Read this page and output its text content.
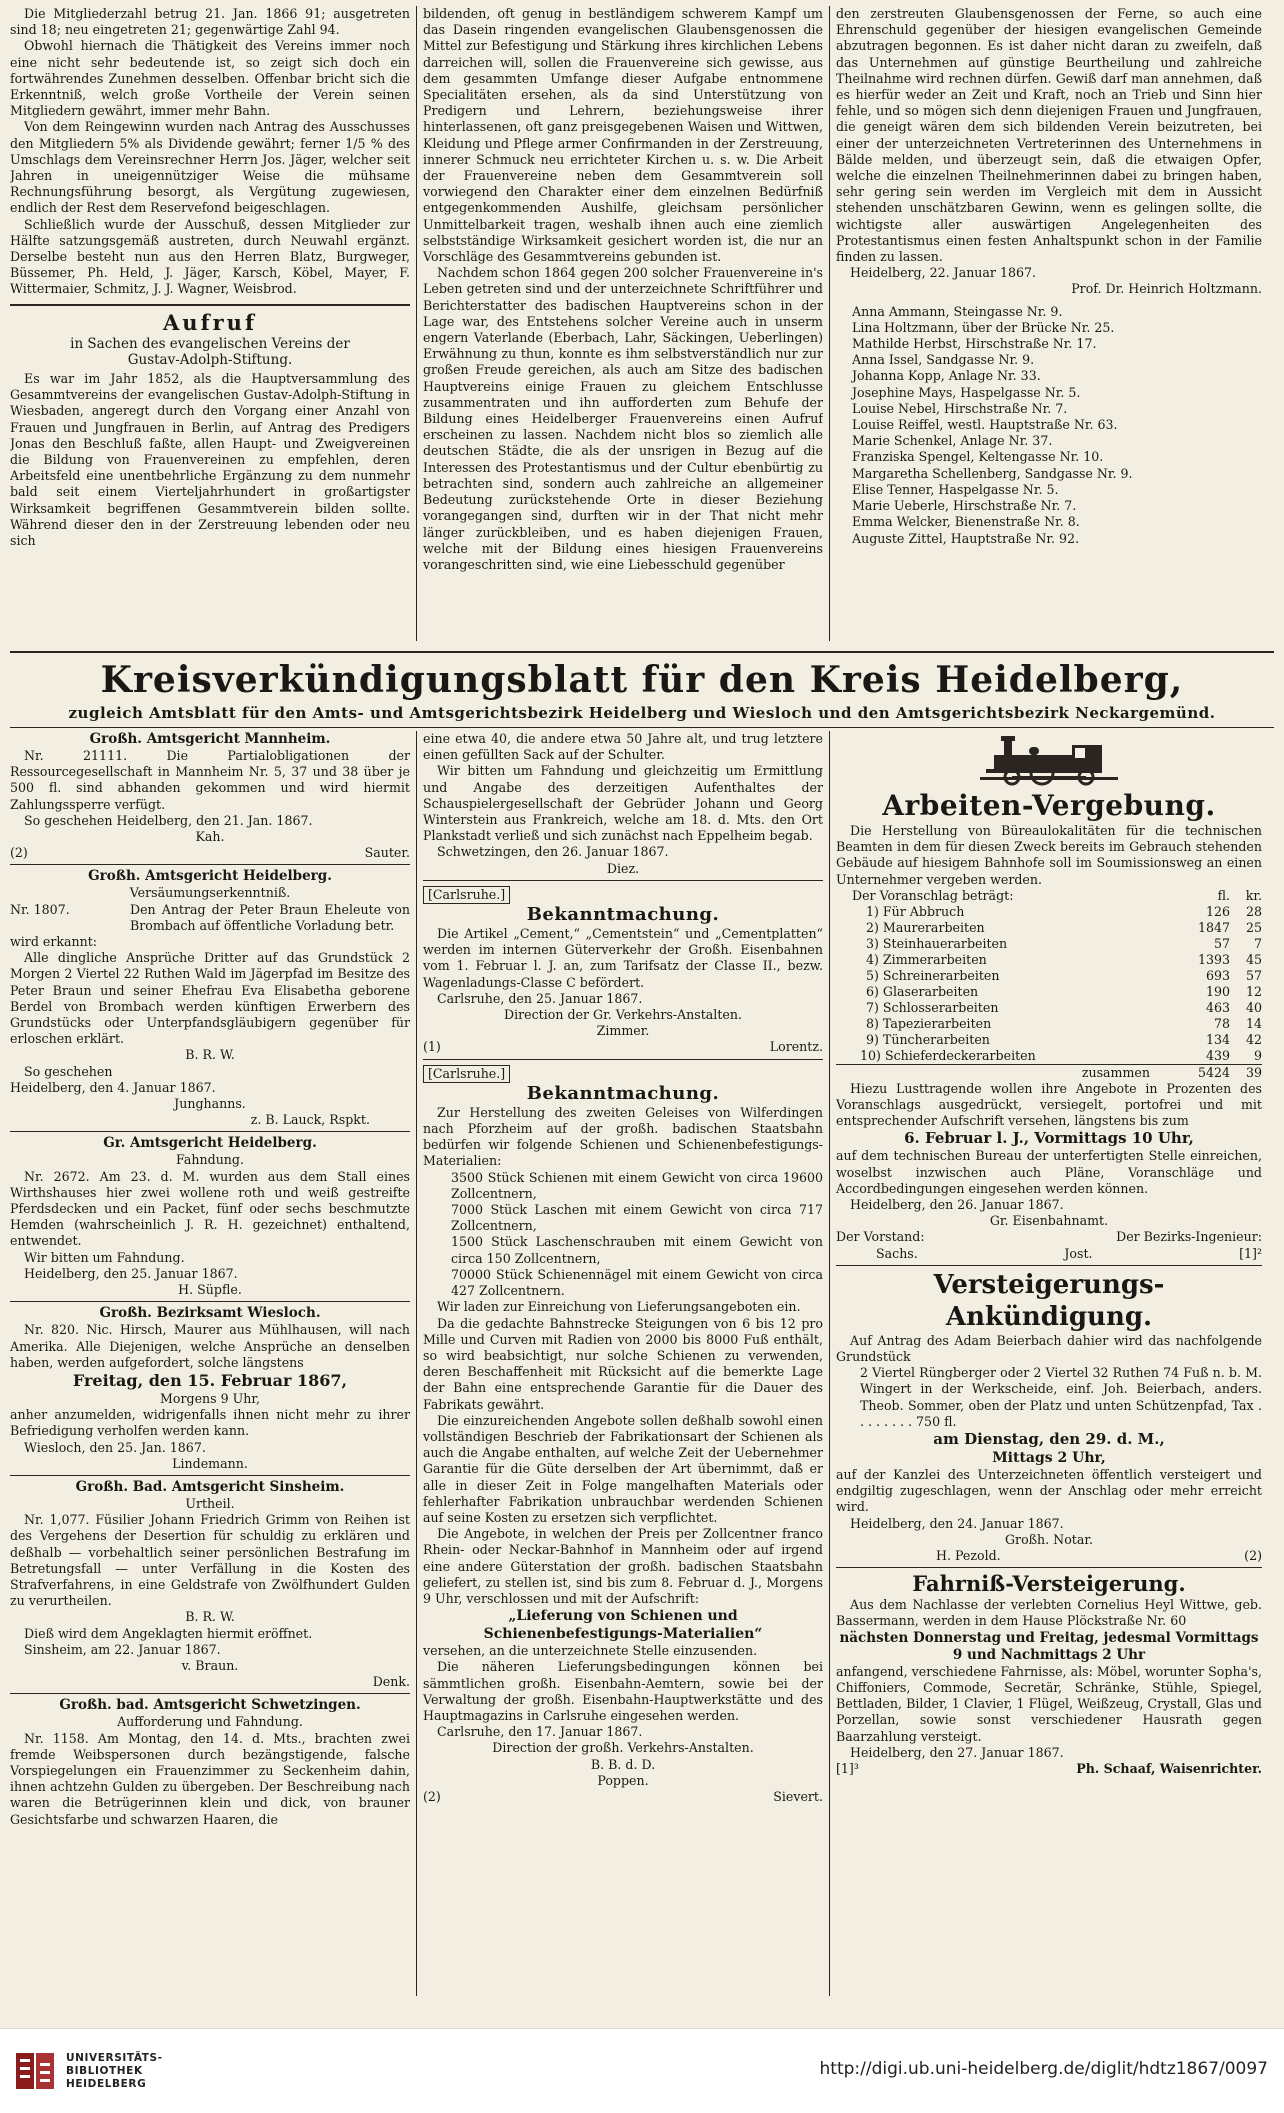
Die Mitgliederzahl betrug 21. Jan. 1866 91; ausgetreten sind 18; neu eingetreten 21; gegenwärtige Zahl 94.

Obwohl hiernach die Thätigkeit des Vereins immer noch eine nicht sehr bedeutende ist, so zeigt sich doch ein fortwährendes Zunehmen desselben. Offenbar bricht sich die Erkenntniß, welch große Vortheile der Verein seinen Mitgliedern gewährt, immer mehr Bahn.

Von dem Reingewinn wurden nach Antrag des Ausschusses den Mitgliedern 5% als Dividende gewährt; ferner 1/5 % des Umschlags dem Vereinsrechner Herrn Jos. Jäger, welcher seit Jahren in uneigennütziger Weise die mühsame Rechnungsführung besorgt, als Vergütung zugewiesen, endlich der Rest dem Reservefond beigeschlagen.

Schließlich wurde der Ausschuß, dessen Mitglieder zur Hälfte satzungsgemäß austreten, durch Neuwahl ergänzt. Derselbe besteht nun aus den Herren Blatz, Burgweger, Büssemer, Ph. Held, J. Jäger, Karsch, Köbel, Mayer, F. Wittermaier, Schmitz, J. J. Wagner, Weisbrod.

Aufruf
in Sachen des evangelischen Vereins der
Gustav-Adolph-Stiftung.

Es war im Jahr 1852, als die Hauptversammlung des Gesammtvereins der evangelischen Gustav-Adolph-Stiftung in Wiesbaden, angeregt durch den Vorgang einer Anzahl von Frauen und Jungfrauen in Berlin, auf Antrag des Predigers Jonas den Beschluß faßte, allen Haupt- und Zweigvereinen die Bildung von Frauenvereinen zu empfehlen, deren Arbeitsfeld eine unentbehrliche Ergänzung zu dem nunmehr bald seit einem Vierteljahrhundert in großartigster Wirksamkeit begriffenen Gesammtverein bilden sollte. Während dieser den in der Zerstreuung lebenden oder neu sich

bildenden, oft genug in bestländigem schwerem Kampf um das Dasein ringenden evangelischen Glaubensgenossen die Mittel zur Befestigung und Stärkung ihres kirchlichen Lebens darreichen will, sollen die Frauenvereine sich gewisse, aus dem gesammten Umfange dieser Aufgabe entnommene Specialitäten ersehen, als da sind Unterstützung von Predigern und Lehrern, beziehungsweise ihrer hinterlassenen, oft ganz preisgegebenen Waisen und Wittwen, Kleidung und Pflege armer Confirmanden in der Zerstreuung, innerer Schmuck neu errichteter Kirchen u. s. w. Die Arbeit der Frauenvereine neben dem Gesammtverein soll vorwiegend den Charakter einer dem einzelnen Bedürfniß entgegenkommenden Aushilfe, gleichsam persönlicher Unmittelbarkeit tragen, weshalb ihnen auch eine ziemlich selbstständige Wirksamkeit gesichert worden ist, die nur an Vorschläge des Gesammtvereins gebunden ist.

Nachdem schon 1864 gegen 200 solcher Frauenvereine in's Leben getreten sind und der unterzeichnete Schriftführer und Berichterstatter des badischen Hauptvereins schon in der Lage war, des Entstehens solcher Vereine auch in unserm engern Vaterlande (Eberbach, Lahr, Säckingen, Ueberlingen) Erwähnung zu thun, konnte es ihm selbstverständlich nur zur großen Freude gereichen, als auch am Sitze des badischen Hauptvereins einige Frauen zu gleichem Entschlusse zusammentraten und ihn aufforderten zum Behufe der Bildung eines Heidelberger Frauenvereins einen Aufruf erscheinen zu lassen. Nachdem nicht blos so ziemlich alle deutschen Städte, die als der unsrigen in Bezug auf die Interessen des Protestantismus und der Cultur ebenbürtig zu betrachten sind, sondern auch zahlreiche an allgemeiner Bedeutung zurückstehende Orte in dieser Beziehung vorangegangen sind, durften wir in der That nicht mehr länger zurückbleiben, und es haben diejenigen Frauen, welche mit der Bildung eines hiesigen Frauenvereins vorangeschritten sind, wie eine Liebesschuld gegenüber

den zerstreuten Glaubensgenossen der Ferne, so auch eine Ehrenschuld gegenüber der hiesigen evangelischen Gemeinde abzutragen begonnen. Es ist daher nicht daran zu zweifeln, daß das Unternehmen auf günstige Beurtheilung und zahlreiche Theilnahme wird rechnen dürfen. Gewiß darf man annehmen, daß es hierfür weder an Zeit und Kraft, noch an Trieb und Sinn hier fehle, und so mögen sich denn diejenigen Frauen und Jungfrauen, die geneigt wären dem sich bildenden Verein beizutreten, bei einer der unterzeichneten Vertreterinnen des Unternehmens in Bälde melden, und überzeugt sein, daß die etwaigen Opfer, welche die einzelnen Theilnehmerinnen dabei zu bringen haben, sehr gering sein werden im Vergleich mit dem in Aussicht stehenden unschätzbaren Gewinn, wenn es gelingen sollte, die wichtigste aller auswärtigen Angelegenheiten des Protestantismus einen festen Anhaltspunkt schon in der Familie finden zu lassen.

Heidelberg, 22. Januar 1867.

Prof. Dr. Heinrich Holtzmann.

Anna Ammann, Steingasse Nr. 9.
Lina Holtzmann, über der Brücke Nr. 25.
Mathilde Herbst, Hirschstraße Nr. 17.
Anna Issel, Sandgasse Nr. 9.
Johanna Kopp, Anlage Nr. 33.
Josephine Mays, Haspelgasse Nr. 5.
Louise Nebel, Hirschstraße Nr. 7.
Louise Reiffel, westl. Hauptstraße Nr. 63.
Marie Schenkel, Anlage Nr. 37.
Franziska Spengel, Keltengasse Nr. 10.
Margaretha Schellenberg, Sandgasse Nr. 9.
Elise Tenner, Haspelgasse Nr. 5.
Marie Ueberle, Hirschstraße Nr. 7.
Emma Welcker, Bienenstraße Nr. 8.
Auguste Zittel, Hauptstraße Nr. 92.
Kreisverkündigungsblatt für den Kreis Heidelberg,
zugleich Amtsblatt für den Amts- und Amtsgerichtsbezirk Heidelberg und Wiesloch und den Amtsgerichtsbezirk Neckargemünd.
Großh. Amtsgericht Mannheim.

Nr. 21111. Die Partialobligationen der Ressourcegesellschaft in Mannheim Nr. 5, 37 und 38 über je 500 fl. sind abhanden gekommen und wird hiermit Zahlungssperre verfügt.

So geschehen Heidelberg, den 21. Jan. 1867.

Kah.
(2)	Sauter.
Großh. Amtsgericht Heidelberg.
Versäumungserkenntniß.
Nr. 1807.	Den Antrag der Peter Braun Eheleute von Brombach auf öffentliche Vorladung betr.

wird erkannt:

Alle dingliche Ansprüche Dritter auf das Grundstück 2 Morgen 2 Viertel 22 Ruthen Wald im Jägerpfad im Besitze des Peter Braun und seiner Ehefrau Eva Elisabetha geborene Berdel von Brombach werden künftigen Erwerbern des Grundstücks oder Unterpfandsgläubigern gegenüber für erloschen erklärt.

B. R. W.

So geschehen

Heidelberg, den 4. Januar 1867.

Junghanns.
z. B. Lauck, Rspkt.
Gr. Amtsgericht Heidelberg.
Fahndung.

Nr. 2672. Am 23. d. M. wurden aus dem Stall eines Wirthshauses hier zwei wollene roth und weiß gestreifte Pferdsdecken und ein Packet, fünf oder sechs beschmutzte Hemden (wahrscheinlich J. R. H. gezeichnet) enthaltend, entwendet.

Wir bitten um Fahndung.

Heidelberg, den 25. Januar 1867.

H. Süpfle.
Großh. Bezirksamt Wiesloch.

Nr. 820. Nic. Hirsch, Maurer aus Mühlhausen, will nach Amerika. Alle Diejenigen, welche Ansprüche an denselben haben, werden aufgefordert, solche längstens

Freitag, den 15. Februar 1867,
Morgens 9 Uhr,

anher anzumelden, widrigenfalls ihnen nicht mehr zu ihrer Befriedigung verholfen werden kann.

Wiesloch, den 25. Jan. 1867.

Lindemann.
Großh. Bad. Amtsgericht Sinsheim.
Urtheil.

Nr. 1,077. Füsilier Johann Friedrich Grimm von Reihen ist des Vergehens der Desertion für schuldig zu erklären und deßhalb — vorbehaltlich seiner persönlichen Bestrafung im Betretungsfall — unter Verfällung in die Kosten des Strafverfahrens, in eine Geldstrafe von Zwölfhundert Gulden zu verurtheilen.

B. R. W.

Dieß wird dem Angeklagten hiermit eröffnet.

Sinsheim, am 22. Januar 1867.

v. Braun.
Denk.
Großh. bad. Amtsgericht Schwetzingen.
Aufforderung und Fahndung.

Nr. 1158. Am Montag, den 14. d. Mts., brachten zwei fremde Weibspersonen durch bezängstigende, falsche Vorspiegelungen ein Frauenzimmer zu Seckenheim dahin, ihnen achtzehn Gulden zu übergeben. Der Beschreibung nach waren die Betrügerinnen klein und dick, von brauner Gesichtsfarbe und schwarzen Haaren, die

eine etwa 40, die andere etwa 50 Jahre alt, und trug letztere einen gefüllten Sack auf der Schulter.

Wir bitten um Fahndung und gleichzeitig um Ermittlung und Angabe des derzeitigen Aufenthaltes der Schauspielergesellschaft der Gebrüder Johann und Georg Winterstein aus Frankreich, welche am 18. d. Mts. den Ort Plankstadt verließ und sich zunächst nach Eppelheim begab.

Schwetzingen, den 26. Januar 1867.

Diez.
[Carlsruhe.]
Bekanntmachung.

Die Artikel „Cement,“ „Cementstein“ und „Cementplatten“ werden im internen Güterverkehr der Großh. Eisenbahnen vom 1. Februar l. J. an, zum Tarifsatz der Classe II., bezw. Wagenladungs-Classe C befördert.

Carlsruhe, den 25. Januar 1867.

Direction der Gr. Verkehrs-Anstalten.
Zimmer.
(1)	Lorentz.
[Carlsruhe.]
Bekanntmachung.

Zur Herstellung des zweiten Geleises von Wilferdingen nach Pforzheim auf der großh. badischen Staatsbahn bedürfen wir folgende Schienen und Schienenbefestigungs-Materialien:

3500 Stück Schienen mit einem Gewicht von circa 19600 Zollcentnern,

7000 Stück Laschen mit einem Gewicht von circa 717 Zollcentnern,

1500 Stück Laschenschrauben mit einem Gewicht von circa 150 Zollcentnern,

70000 Stück Schienennägel mit einem Gewicht von circa 427 Zollcentnern.

Wir laden zur Einreichung von Lieferungsangeboten ein.

Da die gedachte Bahnstrecke Steigungen von 6 bis 12 pro Mille und Curven mit Radien von 2000 bis 8000 Fuß enthält, so wird beabsichtigt, nur solche Schienen zu verwenden, deren Beschaffenheit mit Rücksicht auf die bemerkte Lage der Bahn eine entsprechende Garantie für die Dauer des Fabrikats gewährt.

Die einzureichenden Angebote sollen deßhalb sowohl einen vollständigen Beschrieb der Fabrikationsart der Schienen als auch die Angabe enthalten, auf welche Zeit der Uebernehmer Garantie für die Güte derselben der Art übernimmt, daß er alle in dieser Zeit in Folge mangelhaften Materials oder fehlerhafter Fabrikation unbrauchbar werdenden Schienen auf seine Kosten zu ersetzen sich verpflichtet.

Die Angebote, in welchen der Preis per Zollcentner franco Rhein- oder Neckar-Bahnhof in Mannheim oder auf irgend eine andere Güterstation der großh. badischen Staatsbahn geliefert, zu stellen ist, sind bis zum 8. Februar d. J., Morgens 9 Uhr, verschlossen und mit der Aufschrift:

„Lieferung von Schienen und Schienenbefestigungs-Materialien“

versehen, an die unterzeichnete Stelle einzusenden.

Die näheren Lieferungsbedingungen können bei sämmtlichen großh. Eisenbahn-Aemtern, sowie bei der Verwaltung der großh. Eisenbahn-Hauptwerkstätte und des Hauptmagazins in Carlsruhe eingesehen werden.

Carlsruhe, den 17. Januar 1867.

Direction der großh. Verkehrs-Anstalten.
B. B. d. D.
Poppen.
(2)	Sievert.
Arbeiten-Vergebung.

Die Herstellung von Büreaulokalitäten für die technischen Beamten in dem für diesen Zweck bereits im Gebrauch stehenden Gebäude auf hiesigem Bahnhofe soll im Soumissionsweg an einen Unternehmer vergeben werden.

Der Voranschlag beträgt:	fl.	kr.
1) Für Abbruch	126	28
2) Maurerarbeiten	1847	25
3) Steinhauerarbeiten	57	7
4) Zimmerarbeiten	1393	45
5) Schreinerarbeiten	693	57
6) Glaserarbeiten	190	12
7) Schlosserarbeiten	463	40
8) Tapezierarbeiten	78	14
9) Tüncherarbeiten	134	42
10) Schieferdeckerarbeiten	439	9
zusammen	5424	39

Hiezu Lusttragende wollen ihre Angebote in Prozenten des Voranschlags ausgedrückt, versiegelt, portofrei und mit entsprechender Aufschrift versehen, längstens bis zum

6. Februar l. J., Vormittags 10 Uhr,

auf dem technischen Bureau der unterfertigten Stelle einreichen, woselbst inzwischen auch Pläne, Voranschläge und Accordbedingungen eingesehen werden können.

Heidelberg, den 26. Januar 1867.

Gr. Eisenbahnamt.
Der Vorstand:	Der Bezirks-Ingenieur:
Sachs.	Jost.	[1]²
Versteigerungs-Ankündigung.

Auf Antrag des Adam Beierbach dahier wird das nachfolgende Grundstück

2 Viertel Rüngberger oder 2 Viertel 32 Ruthen 74 Fuß n. b. M. Wingert in der Werkscheide, einf. Joh. Beierbach, anders. Theob. Sommer, oben der Platz und unten Schützenpfad, Tax . . . . . . . . 750 fl.

am Dienstag, den 29. d. M.,
Mittags 2 Uhr,

auf der Kanzlei des Unterzeichneten öffentlich versteigert und endgiltig zugeschlagen, wenn der Anschlag oder mehr erreicht wird.

Heidelberg, den 24. Januar 1867.

Großh. Notar.
H. Pezold.	(2)
Fahrniß-Versteigerung.

Aus dem Nachlasse der verlebten Cornelius Heyl Wittwe, geb. Bassermann, werden in dem Hause Plöckstraße Nr. 60

nächsten Donnerstag und Freitag, jedesmal Vormittags 9 und Nachmittags 2 Uhr

anfangend, verschiedene Fahrnisse, als: Möbel, worunter Sopha's, Chiffoniers, Commode, Secretär, Schränke, Stühle, Spiegel, Bettladen, Bilder, 1 Clavier, 1 Flügel, Weißzeug, Crystall, Glas und Porzellan, sowie sonst verschiedener Hausrath gegen Baarzahlung versteigt.

Heidelberg, den 27. Januar 1867.

[1]³	Ph. Schaaf, Waisenrichter.
UNIVERSITÄTS-
BIBLIOTHEK
HEIDELBERG
http://digi.ub.uni-heidelberg.de/diglit/hdtz1867/0097
